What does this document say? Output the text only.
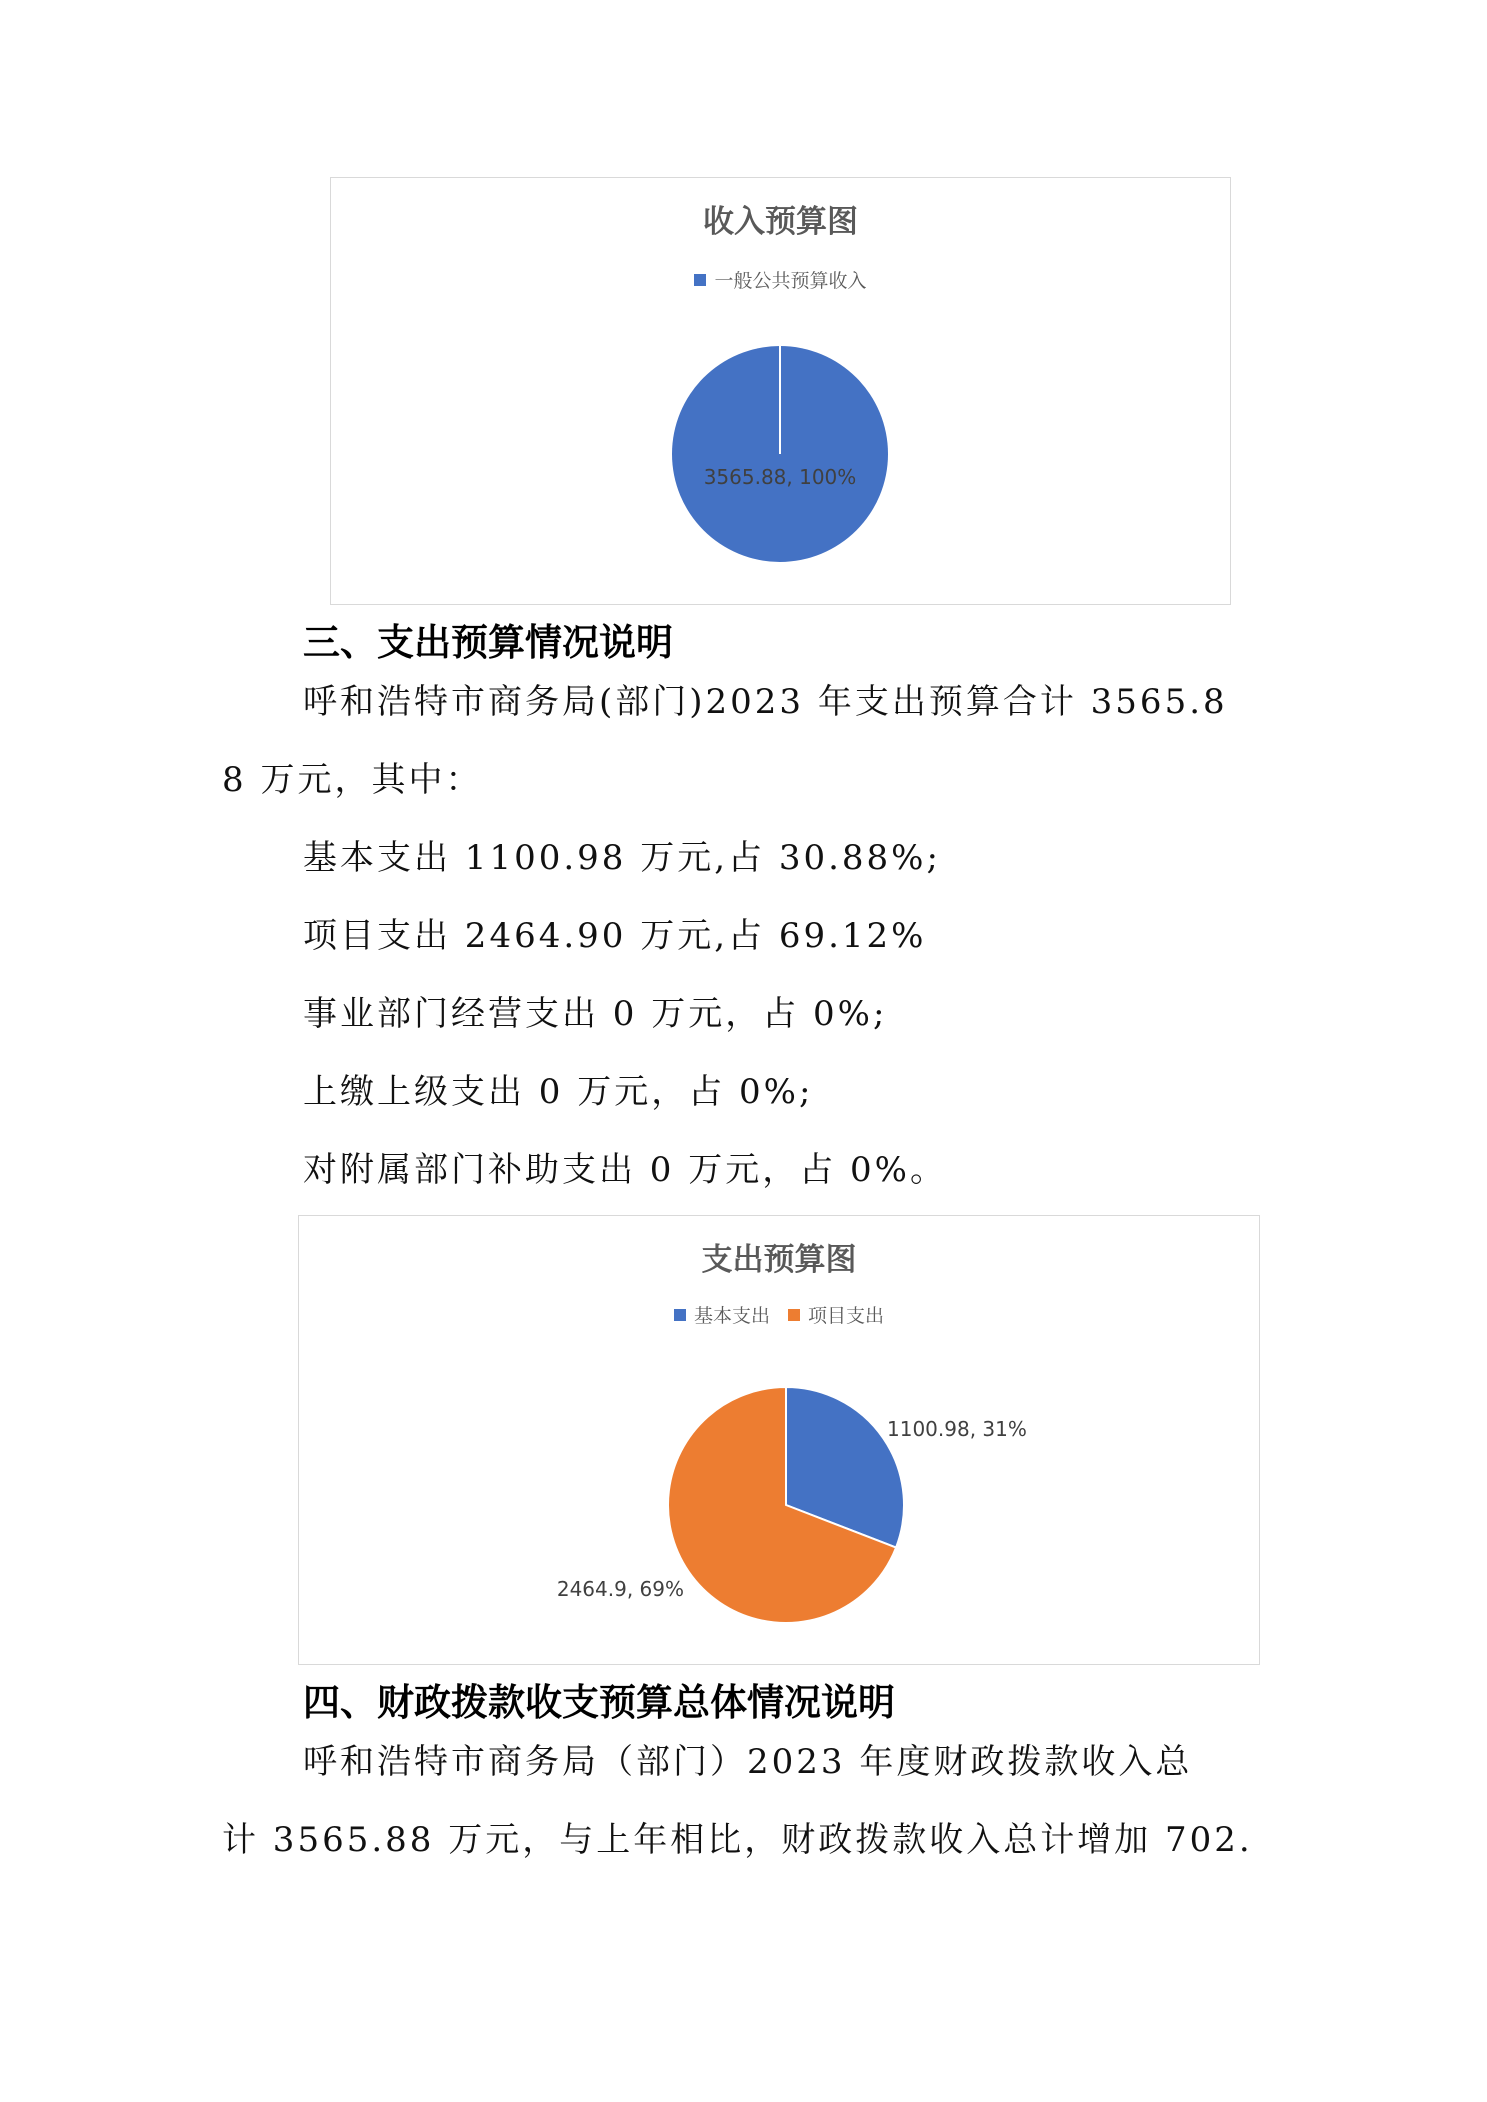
收入预算图
一般公共预算收入
3565.88, 100%
三、支出预算情况说明
呼和浩特市商务局(部门)2023 年支出预算合计 3565.8
8 万元，其中：
基本支出 1100.98 万元,占 30.88%;
项目支出 2464.90 万元,占 69.12%
事业部门经营支出 0 万元，占 0%;
上缴上级支出 0 万元，占 0%;
对附属部门补助支出 0 万元，占 0%。
支出预算图
基本支出 项目支出
1100.98, 31%
2464.9, 69%
四、财政拨款收支预算总体情况说明
呼和浩特市商务局（部门）2023 年度财政拨款收入总
计 3565.88 万元，与上年相比，财政拨款收入总计增加 702.
